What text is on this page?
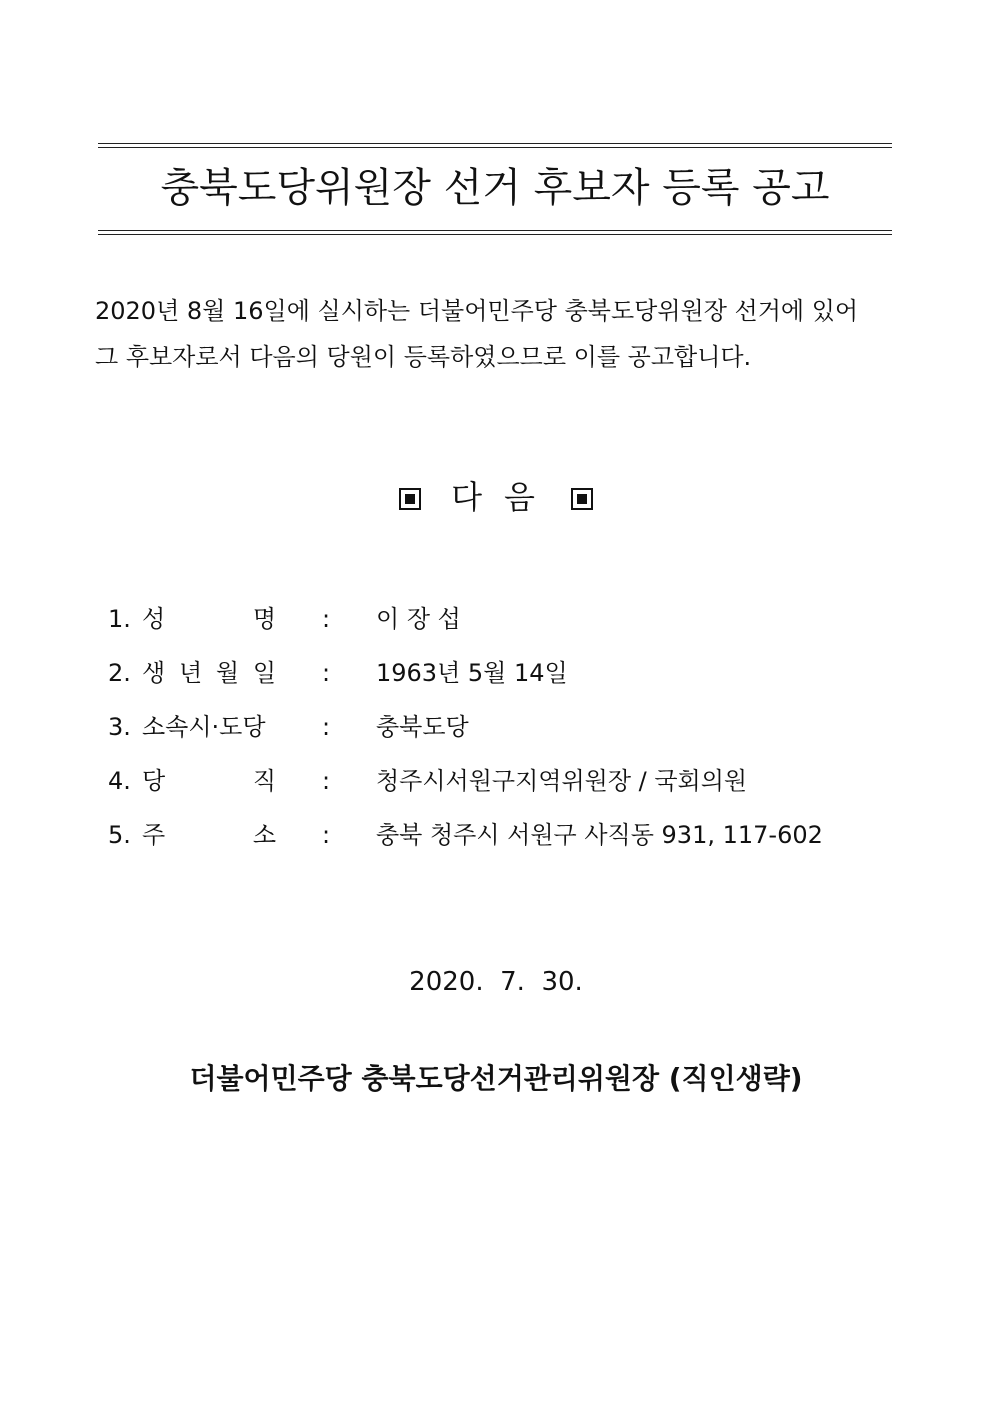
충북도당위원장 선거 후보자 등록 공고

2020년 8월 16일에 실시하는 더불어민주당 충북도당위원장 선거에 있어

그 후보자로서 다음의 당원이 등록하였으므로 이를 공고합니다.

다음
1. 성	명 : 이 장 섭
2. 생 년 월 일 : 1963년 5월 14일
3. 소속시·도당 : 충북도당
4. 당	직 : 청주시서원구지역위원장 / 국회의원
5. 주	소 : 충북 청주시 서원구 사직동 931, 117-602
2020.  7.  30.
더불어민주당 충북도당선거관리위원장 (직인생략)
